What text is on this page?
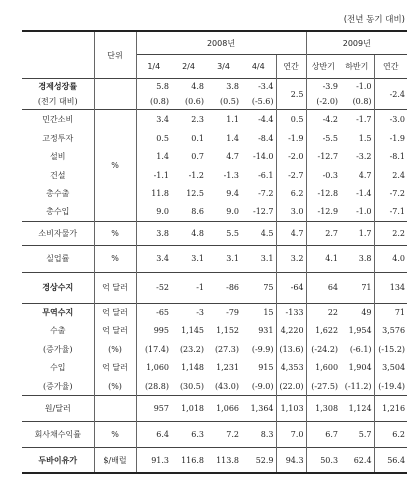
(전년 동기 대비)
	단위	2008년					2009년		
		1/4	2/4	3/4	4/4	연간	상반기	하반기	연간
경제성장률		5.8	4.8	3.8	-3.4	2.5	-3.9	-1.0	-2.4
(전기 대비)		(0.8)	(0.6)	(0.5)	(-5.6)		(-2.0)	(0.8)	
민간소비	%	3.4	2.3	1.1	-4.4	0.5	-4.2	-1.7	-3.0
고정투자		0.5	0.1	1.4	-8.4	-1.9	-5.5	1.5	-1.9
설비		1.4	0.7	4.7	-14.0	-2.0	-12.7	-3.2	-8.1
건설		-1.1	-1.2	-1.3	-6.1	-2.7	-0.3	4.7	2.4
총수출		11.8	12.5	9.4	-7.2	6.2	-12.8	-1.4	-7.2
총수입		9.0	8.6	9.0	-12.7	3.0	-12.9	-1.0	-7.1
소비자물가	%	3.8	4.8	5.5	4.5	4.7	2.7	1.7	2.2
실업률	%	3.4	3.1	3.1	3.1	3.2	4.1	3.8	4.0
경상수지	억 달러	-52	-1	-86	75	-64	64	71	134
무역수지	억 달러	-65	-3	-79	15	-133	22	49	71
수출	억 달러	995	1,145	1,152	931	4,220	1,622	1,954	3,576
(증가율)	(%)	(17.4)	(23.2)	(27.3)	(-9.9)	(13.6)	(-24.2)	(-6.1)	(-15.2)
수입	억 달러	1,060	1,148	1,231	915	4,353	1,600	1,904	3,504
(증가율)	(%)	(28.8)	(30.5)	(43.0)	(-9.0)	(22.0)	(-27.5)	(-11.2)	(-19.4)
원/달러		957	1,018	1,066	1,364	1,103	1,308	1,124	1,216
회사채수익률	%	6.4	6.3	7.2	8.3	7.0	6.7	5.7	6.2
두바이유가	$/배럴	91.3	116.8	113.8	52.9	94.3	50.3	62.4	56.4
